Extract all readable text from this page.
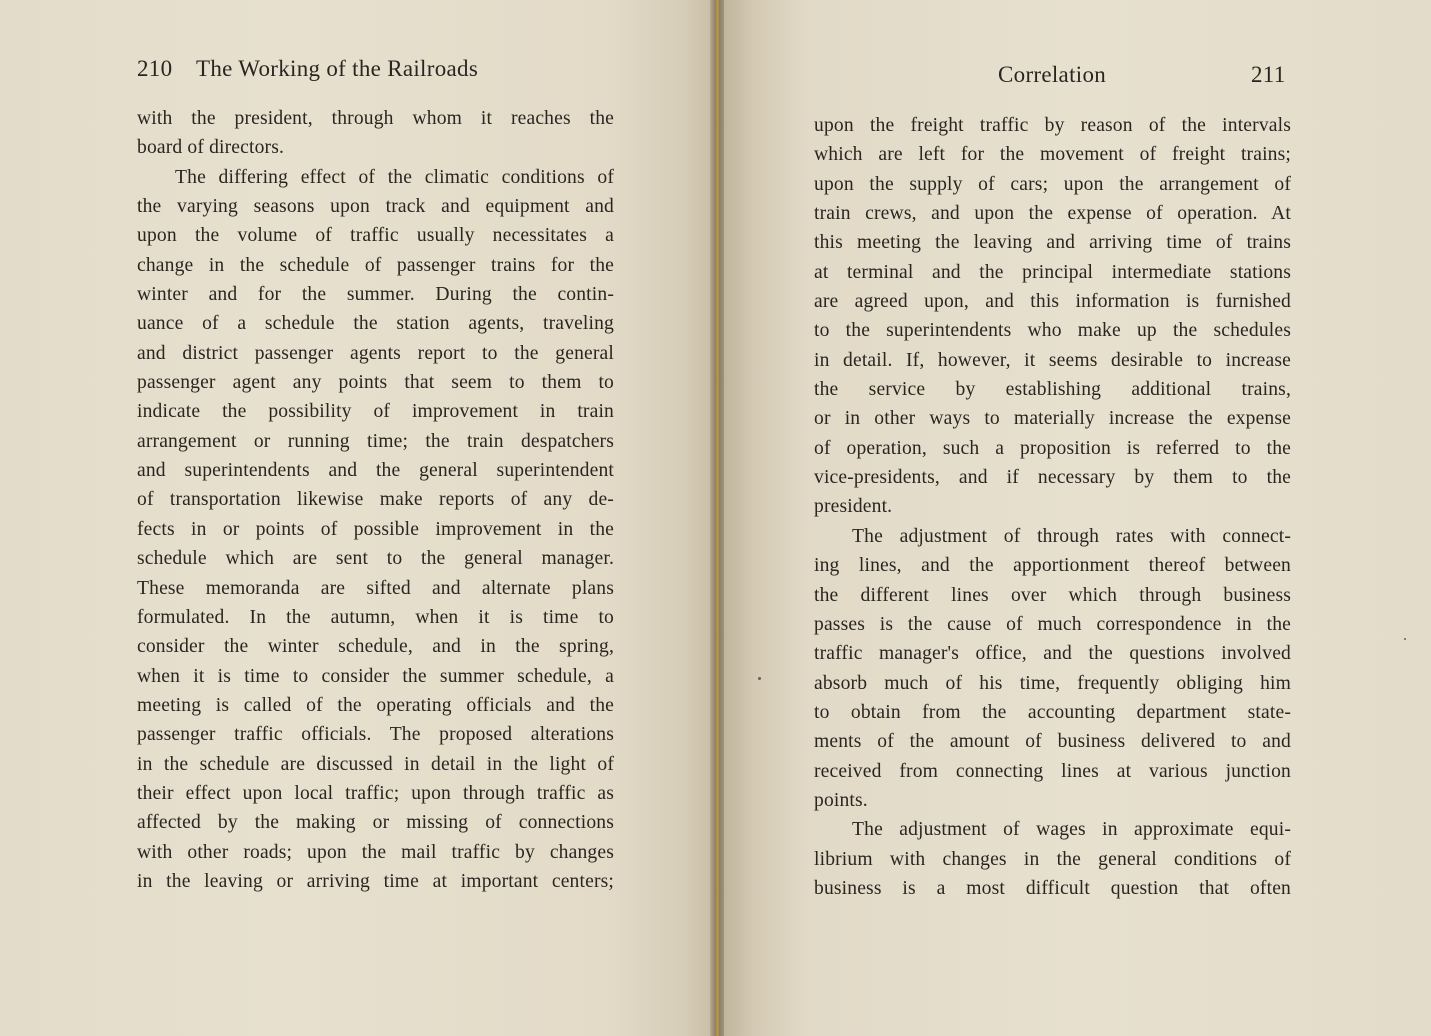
210 The Working of the Railroads
with the president, through whom it reaches the
board of directors.
The differing effect of the climatic conditions of
the varying seasons upon track and equipment and
upon the volume of traffic usually necessitates a
change in the schedule of passenger trains for the
winter and for the summer. During the contin-
uance of a schedule the station agents, traveling
and district passenger agents report to the general
passenger agent any points that seem to them to
indicate the possibility of improvement in train
arrangement or running time; the train despatchers
and superintendents and the general superintendent
of transportation likewise make reports of any de-
fects in or points of possible improvement in the
schedule which are sent to the general manager.
These memoranda are sifted and alternate plans
formulated. In the autumn, when it is time to
consider the winter schedule, and in the spring,
when it is time to consider the summer schedule, a
meeting is called of the operating officials and the
passenger traffic officials. The proposed alterations
in the schedule are discussed in detail in the light of
their effect upon local traffic; upon through traffic as
affected by the making or missing of connections
with other roads; upon the mail traffic by changes
in the leaving or arriving time at important centers;
Correlation	211
upon the freight traffic by reason of the intervals
which are left for the movement of freight trains;
upon the supply of cars; upon the arrangement of
train crews, and upon the expense of operation. At
this meeting the leaving and arriving time of trains
at terminal and the principal intermediate stations
are agreed upon, and this information is furnished
to the superintendents who make up the schedules
in detail. If, however, it seems desirable to increase
the service by establishing additional trains,
or in other ways to materially increase the expense
of operation, such a proposition is referred to the
vice-presidents, and if necessary by them to the
president.
The adjustment of through rates with connect-
ing lines, and the apportionment thereof between
the different lines over which through business
passes is the cause of much correspondence in the
traffic manager's office, and the questions involved
absorb much of his time, frequently obliging him
to obtain from the accounting department state-
ments of the amount of business delivered to and
received from connecting lines at various junction
points.
The adjustment of wages in approximate equi-
librium with changes in the general conditions of
business is a most difficult question that often
